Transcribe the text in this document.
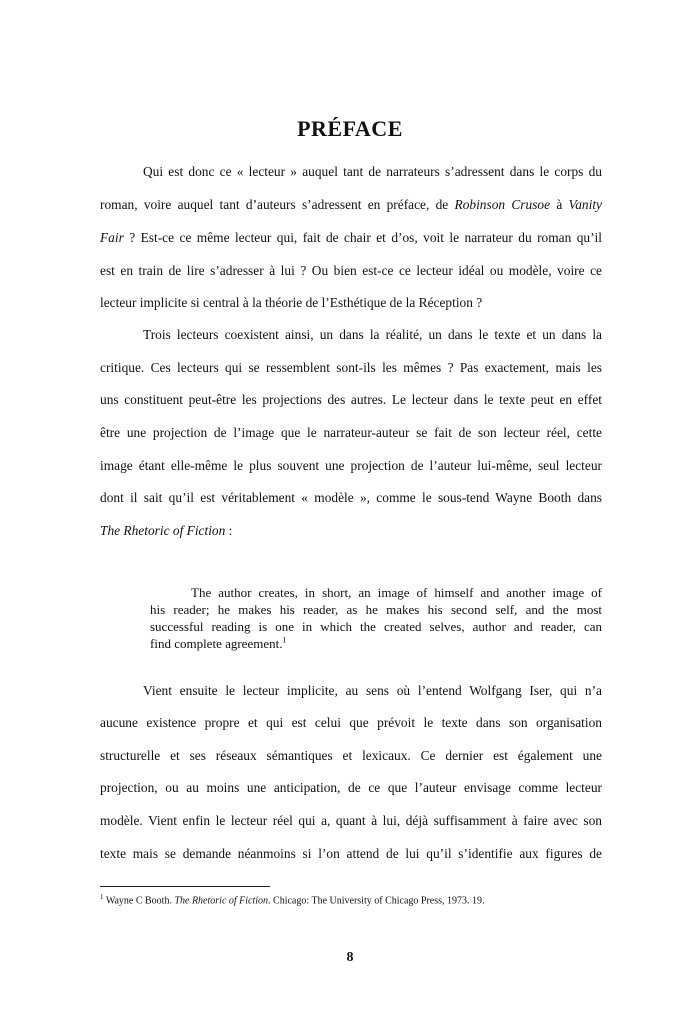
PRÉFACE
Qui est donc ce « lecteur » auquel tant de narrateurs s’adressent dans le corps du
roman, voire auquel tant d’auteurs s’adressent en préface, de Robinson Crusoe à Vanity
Fair ? Est-ce ce même lecteur qui, fait de chair et d’os, voit le narrateur du roman qu’il
est en train de lire s’adresser à lui ? Ou bien est-ce ce lecteur idéal ou modèle, voire ce
lecteur implicite si central à la théorie de l’Esthétique de la Réception ?
Trois lecteurs coexistent ainsi, un dans la réalité, un dans le texte et un dans la
critique. Ces lecteurs qui se ressemblent sont-ils les mêmes ? Pas exactement, mais les
uns constituent peut-être les projections des autres. Le lecteur dans le texte peut en effet
être une projection de l’image que le narrateur-auteur se fait de son lecteur réel, cette
image étant elle-même le plus souvent une projection de l’auteur lui-même, seul lecteur
dont il sait qu’il est véritablement « modèle », comme le sous-tend Wayne Booth dans
The Rhetoric of Fiction :
The author creates, in short, an image of himself and another image of
his reader; he makes his reader, as he makes his second self, and the most
successful reading is one in which the created selves, author and reader, can
find complete agreement.$^1$
Vient ensuite le lecteur implicite, au sens où l’entend Wolfgang Iser, qui n’a
aucune existence propre et qui est celui que prévoit le texte dans son organisation
structurelle et ses réseaux sémantiques et lexicaux. Ce dernier est également une
projection, ou au moins une anticipation, de ce que l’auteur envisage comme lecteur
modèle. Vient enfin le lecteur réel qui a, quant à lui, déjà suffisamment à faire avec son
texte mais se demande néanmoins si l’on attend de lui qu’il s’identifie aux figures de
$^1$ Wayne C Booth. The Rhetoric of Fiction. Chicago: The University of Chicago Press, 1973. 19.
8
